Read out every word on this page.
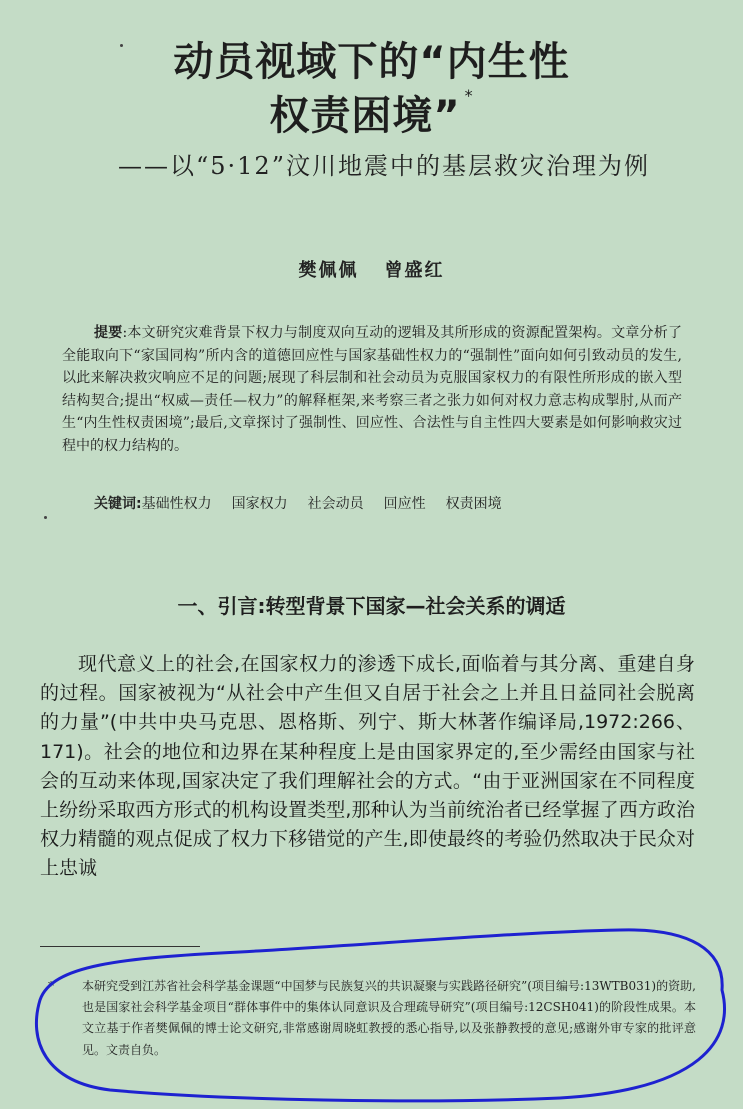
动员视域下的“内生性
权责困境” *
——以“5·12”汶川地震中的基层救灾治理为例
樊佩佩 曾盛红
提要:本文研究灾难背景下权力与制度双向互动的逻辑及其所形成的资源配置架构。文章分析了全能取向下“家国同构”所内含的道德回应性与国家基础性权力的“强制性”面向如何引致动员的发生,以此来解决救灾响应不足的问题;展现了科层制和社会动员为克服国家权力的有限性所形成的嵌入型结构契合;提出“权威—责任—权力”的解释框架,来考察三者之张力如何对权力意志构成掣肘,从而产生“内生性权责困境”;最后,文章探讨了强制性、回应性、合法性与自主性四大要素是如何影响救灾过程中的权力结构的。
关键词:基础性权力 国家权力 社会动员 回应性 权责困境
一、引言:转型背景下国家—社会关系的调适
现代意义上的社会,在国家权力的渗透下成长,面临着与其分离、重建自身的过程。国家被视为“从社会中产生但又自居于社会之上并且日益同社会脱离的力量”(中共中央马克思、恩格斯、列宁、斯大林著作编译局,1972:266、171)。社会的地位和边界在某种程度上是由国家界定的,至少需经由国家与社会的互动来体现,国家决定了我们理解社会的方式。“由于亚洲国家在不同程度上纷纷采取西方形式的机构设置类型,那种认为当前统治者已经掌握了西方政治权力精髓的观点促成了权力下移错觉的产生,即使最终的考验仍然取决于民众对上忠诚
*	本研究受到江苏省社会科学基金课题“中国梦与民族复兴的共识凝聚与实践路径研究”(项目编号:13WTB031)的资助,也是国家社会科学基金项目“群体事件中的集体认同意识及合理疏导研究”(项目编号:12CSH041)的阶段性成果。本文立基于作者樊佩佩的博士论文研究,非常感谢周晓虹教授的悉心指导,以及张静教授的意见;感谢外审专家的批评意见。文责自负。
